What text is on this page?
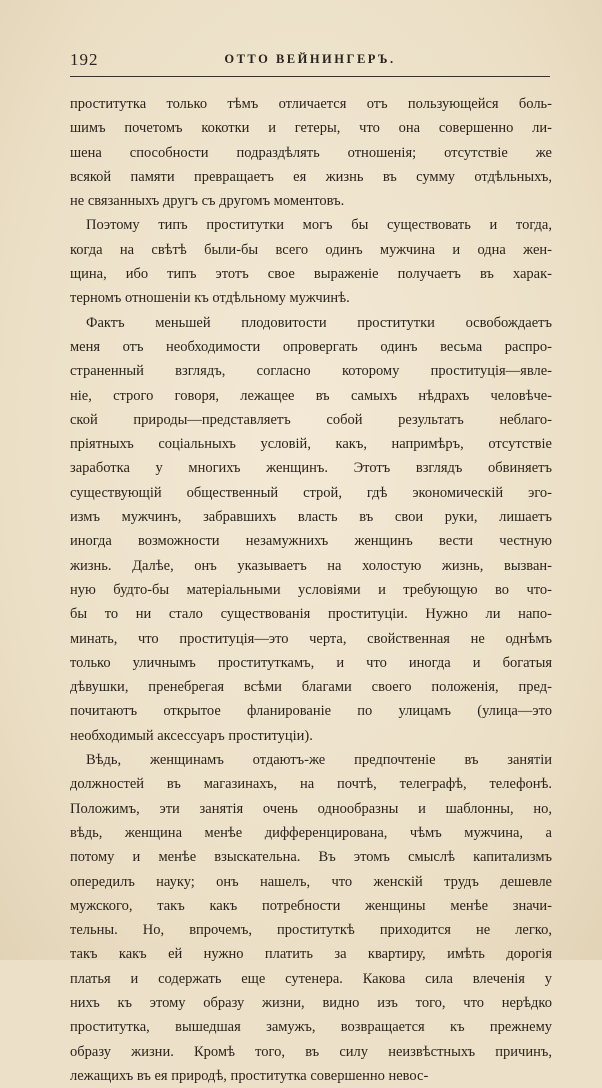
192	ОТТО ВЕЙНИНГЕРЪ.
проститутка только тѣмъ отличается отъ пользующейся боль-
шимъ почетомъ кокотки и гетеры, что она совершенно ли-
шена способности подраздѣлять отношенія; отсутствіе же
всякой памяти превращаетъ ея жизнь въ сумму отдѣльныхъ,
не связанныхъ другъ съ другомъ моментовъ.
Поэтому типъ проститутки могъ бы существовать и тогда,
когда на свѣтѣ были-бы всего одинъ мужчина и одна жен-
щина, ибо типъ этотъ свое выраженіе получаетъ въ харак-
терномъ отношеніи къ отдѣльному мужчинѣ.
Фактъ меньшей плодовитости проститутки освобождаетъ
меня отъ необходимости опровергать одинъ весьма распро-
страненный взглядъ, согласно которому проституція—явле-
ніе, строго говоря, лежащее въ самыхъ нѣдрахъ человѣче-
ской природы—представляетъ собой результатъ неблаго-
пріятныхъ соціальныхъ условій, какъ, напримѣръ, отсутствіе
заработка у многихъ женщинъ. Этотъ взглядъ обвиняетъ
существующій общественный строй, гдѣ экономическій эго-
измъ мужчинъ, забравшихъ власть въ свои руки, лишаетъ
иногда возможности незамужнихъ женщинъ вести честную
жизнь. Далѣе, онъ указываетъ на холостую жизнь, вызван-
ную будто-бы матеріальными условіями и требующую во что-
бы то ни стало существованія проституціи. Нужно ли напо-
минать, что проституція—это черта, свойственная не однѣмъ
только уличнымъ проституткамъ, и что иногда и богатыя
дѣвушки, пренебрегая всѣми благами своего положенія, пред-
почитаютъ открытое фланированіе по улицамъ (улица—это
необходимый аксессуаръ проституціи).
Вѣдь, женщинамъ отдаютъ-же предпочтеніе въ занятіи
должностей въ магазинахъ, на почтѣ, телеграфѣ, телефонѣ.
Положимъ, эти занятія очень однообразны и шаблонны, но,
вѣдь, женщина менѣе дифференцирована, чѣмъ мужчина, а
потому и менѣе взыскательна. Въ этомъ смыслѣ капитализмъ
опередилъ науку; онъ нашелъ, что женскій трудъ дешевле
мужского, такъ какъ потребности женщины менѣе значи-
тельны. Но, впрочемъ, проституткѣ приходится не легко,
такъ какъ ей нужно платить за квартиру, имѣть дорогія
платья и содержать еще сутенера. Какова сила влеченія у
нихъ къ этому образу жизни, видно изъ того, что нерѣдко
проститутка, вышедшая замужъ, возвращается къ прежнему
образу жизни. Кромѣ того, въ силу неизвѣстныхъ причинъ,
лежащихъ въ ея природѣ, проститутка совершенно невос-
